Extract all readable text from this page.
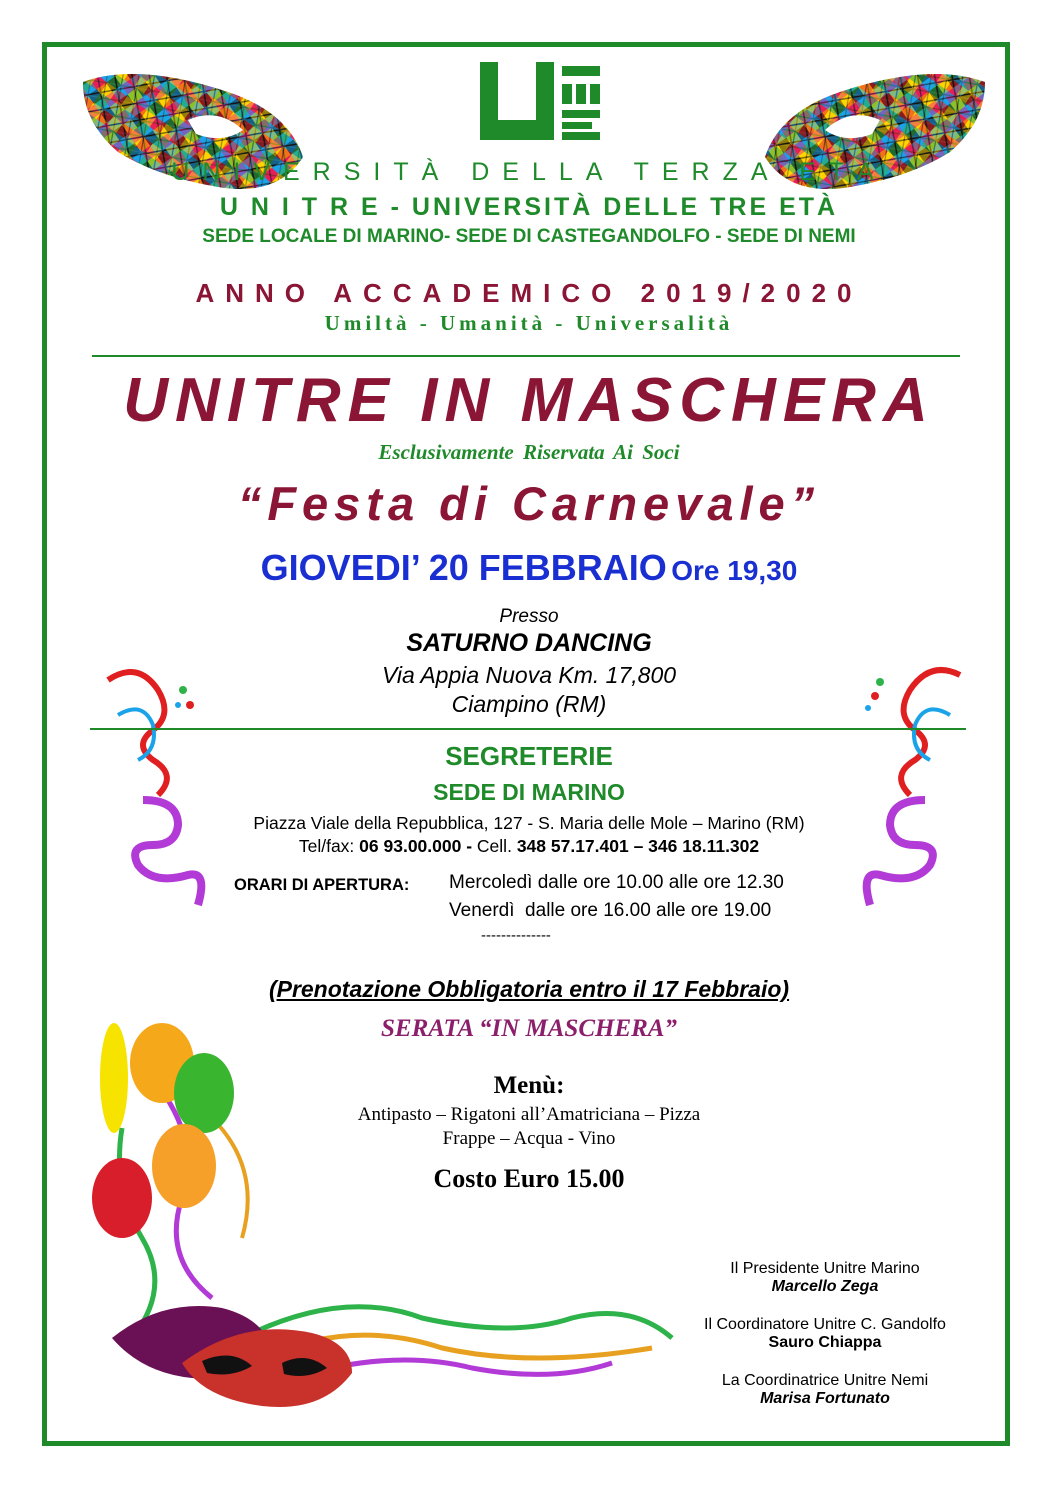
UNIVERSITÀ DELLA TERZA ETÀ
U N I T R E - UNIVERSITÀ DELLE TRE ETÀ
SEDE LOCALE DI MARINO- SEDE DI CASTEGANDOLFO - SEDE DI NEMI
ANNO ACCADEMICO 2019/2020
Umiltà - Umanità - Universalità
UNITRE IN MASCHERA
Esclusivamente Riservata Ai Soci
“Festa di Carnevale”
GIOVEDI’ 20 FEBBRAIO Ore 19,30
Presso
SATURNO DANCING
Via Appia Nuova Km. 17,800
Ciampino (RM)
SEGRETERIE
SEDE DI MARINO
Piazza Viale della Repubblica, 127 - S. Maria delle Mole – Marino (RM)
Tel/fax: 06 93.00.000 - Cell. 348 57.17.401 – 346 18.11.302
ORARI DI APERTURA: Mercoledì dalle ore 10.00 alle ore 12.30
Venerdì  dalle ore 16.00 alle ore 19.00
--------------
(Prenotazione Obbligatoria entro il 17 Febbraio)
SERATA “IN MASCHERA”
Menù:
Antipasto – Rigatoni all’Amatriciana – Pizza
Frappe – Acqua - Vino
Costo Euro 15.00
Il Presidente Unitre Marino
Marcello Zega
Il Coordinatore Unitre C. Gandolfo
Sauro Chiappa
La Coordinatrice Unitre Nemi
Marisa Fortunato
